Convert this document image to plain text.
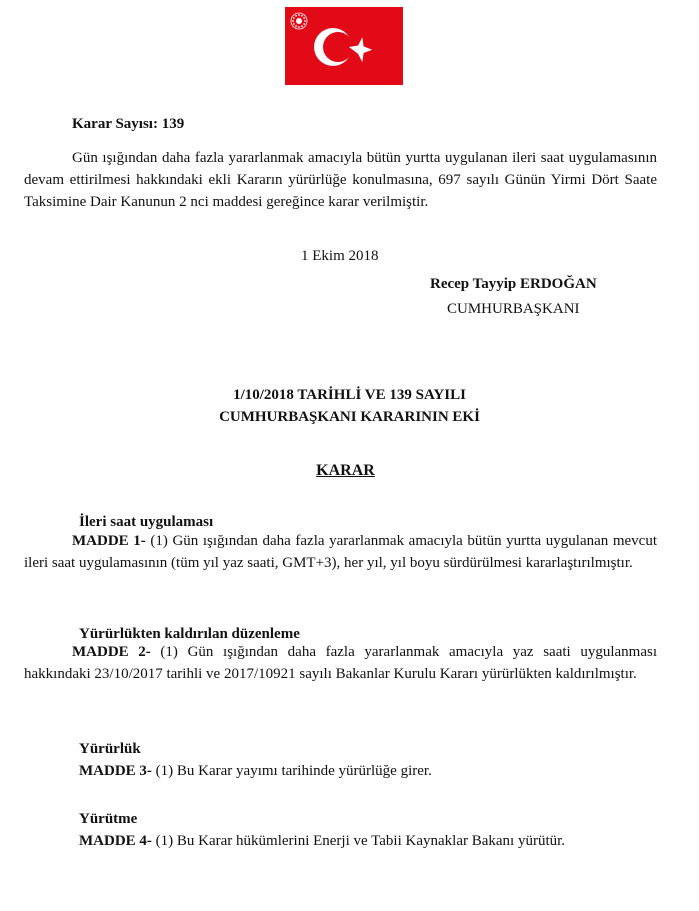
Karar Sayısı: 139
Gün ışığından daha fazla yararlanmak amacıyla bütün yurtta uygulanan ileri saat uygulamasının devam ettirilmesi hakkındaki ekli Kararın yürürlüğe konulmasına, 697 sayılı Günün Yirmi Dört Saate Taksimine Dair Kanunun 2 nci maddesi gereğince karar verilmiştir.
1 Ekim 2018
Recep Tayyip ERDOĞAN
CUMHURBAŞKANI
1/10/2018 TARİHLİ VE 139 SAYILI
CUMHURBAŞKANI KARARININ EKİ
KARAR
İleri saat uygulaması
MADDE 1- (1) Gün ışığından daha fazla yararlanmak amacıyla bütün yurtta uygulanan mevcut ileri saat uygulamasının (tüm yıl yaz saati, GMT+3), her yıl, yıl boyu sürdürülmesi kararlaştırılmıştır.
Yürürlükten kaldırılan düzenleme
MADDE 2- (1) Gün ışığından daha fazla yararlanmak amacıyla yaz saati uygulanması hakkındaki 23/10/2017 tarihli ve 2017/10921 sayılı Bakanlar Kurulu Kararı yürürlükten kaldırılmıştır.
Yürürlük
MADDE 3- (1) Bu Karar yayımı tarihinde yürürlüğe girer.
Yürütme
MADDE 4- (1) Bu Karar hükümlerini Enerji ve Tabii Kaynaklar Bakanı yürütür.
